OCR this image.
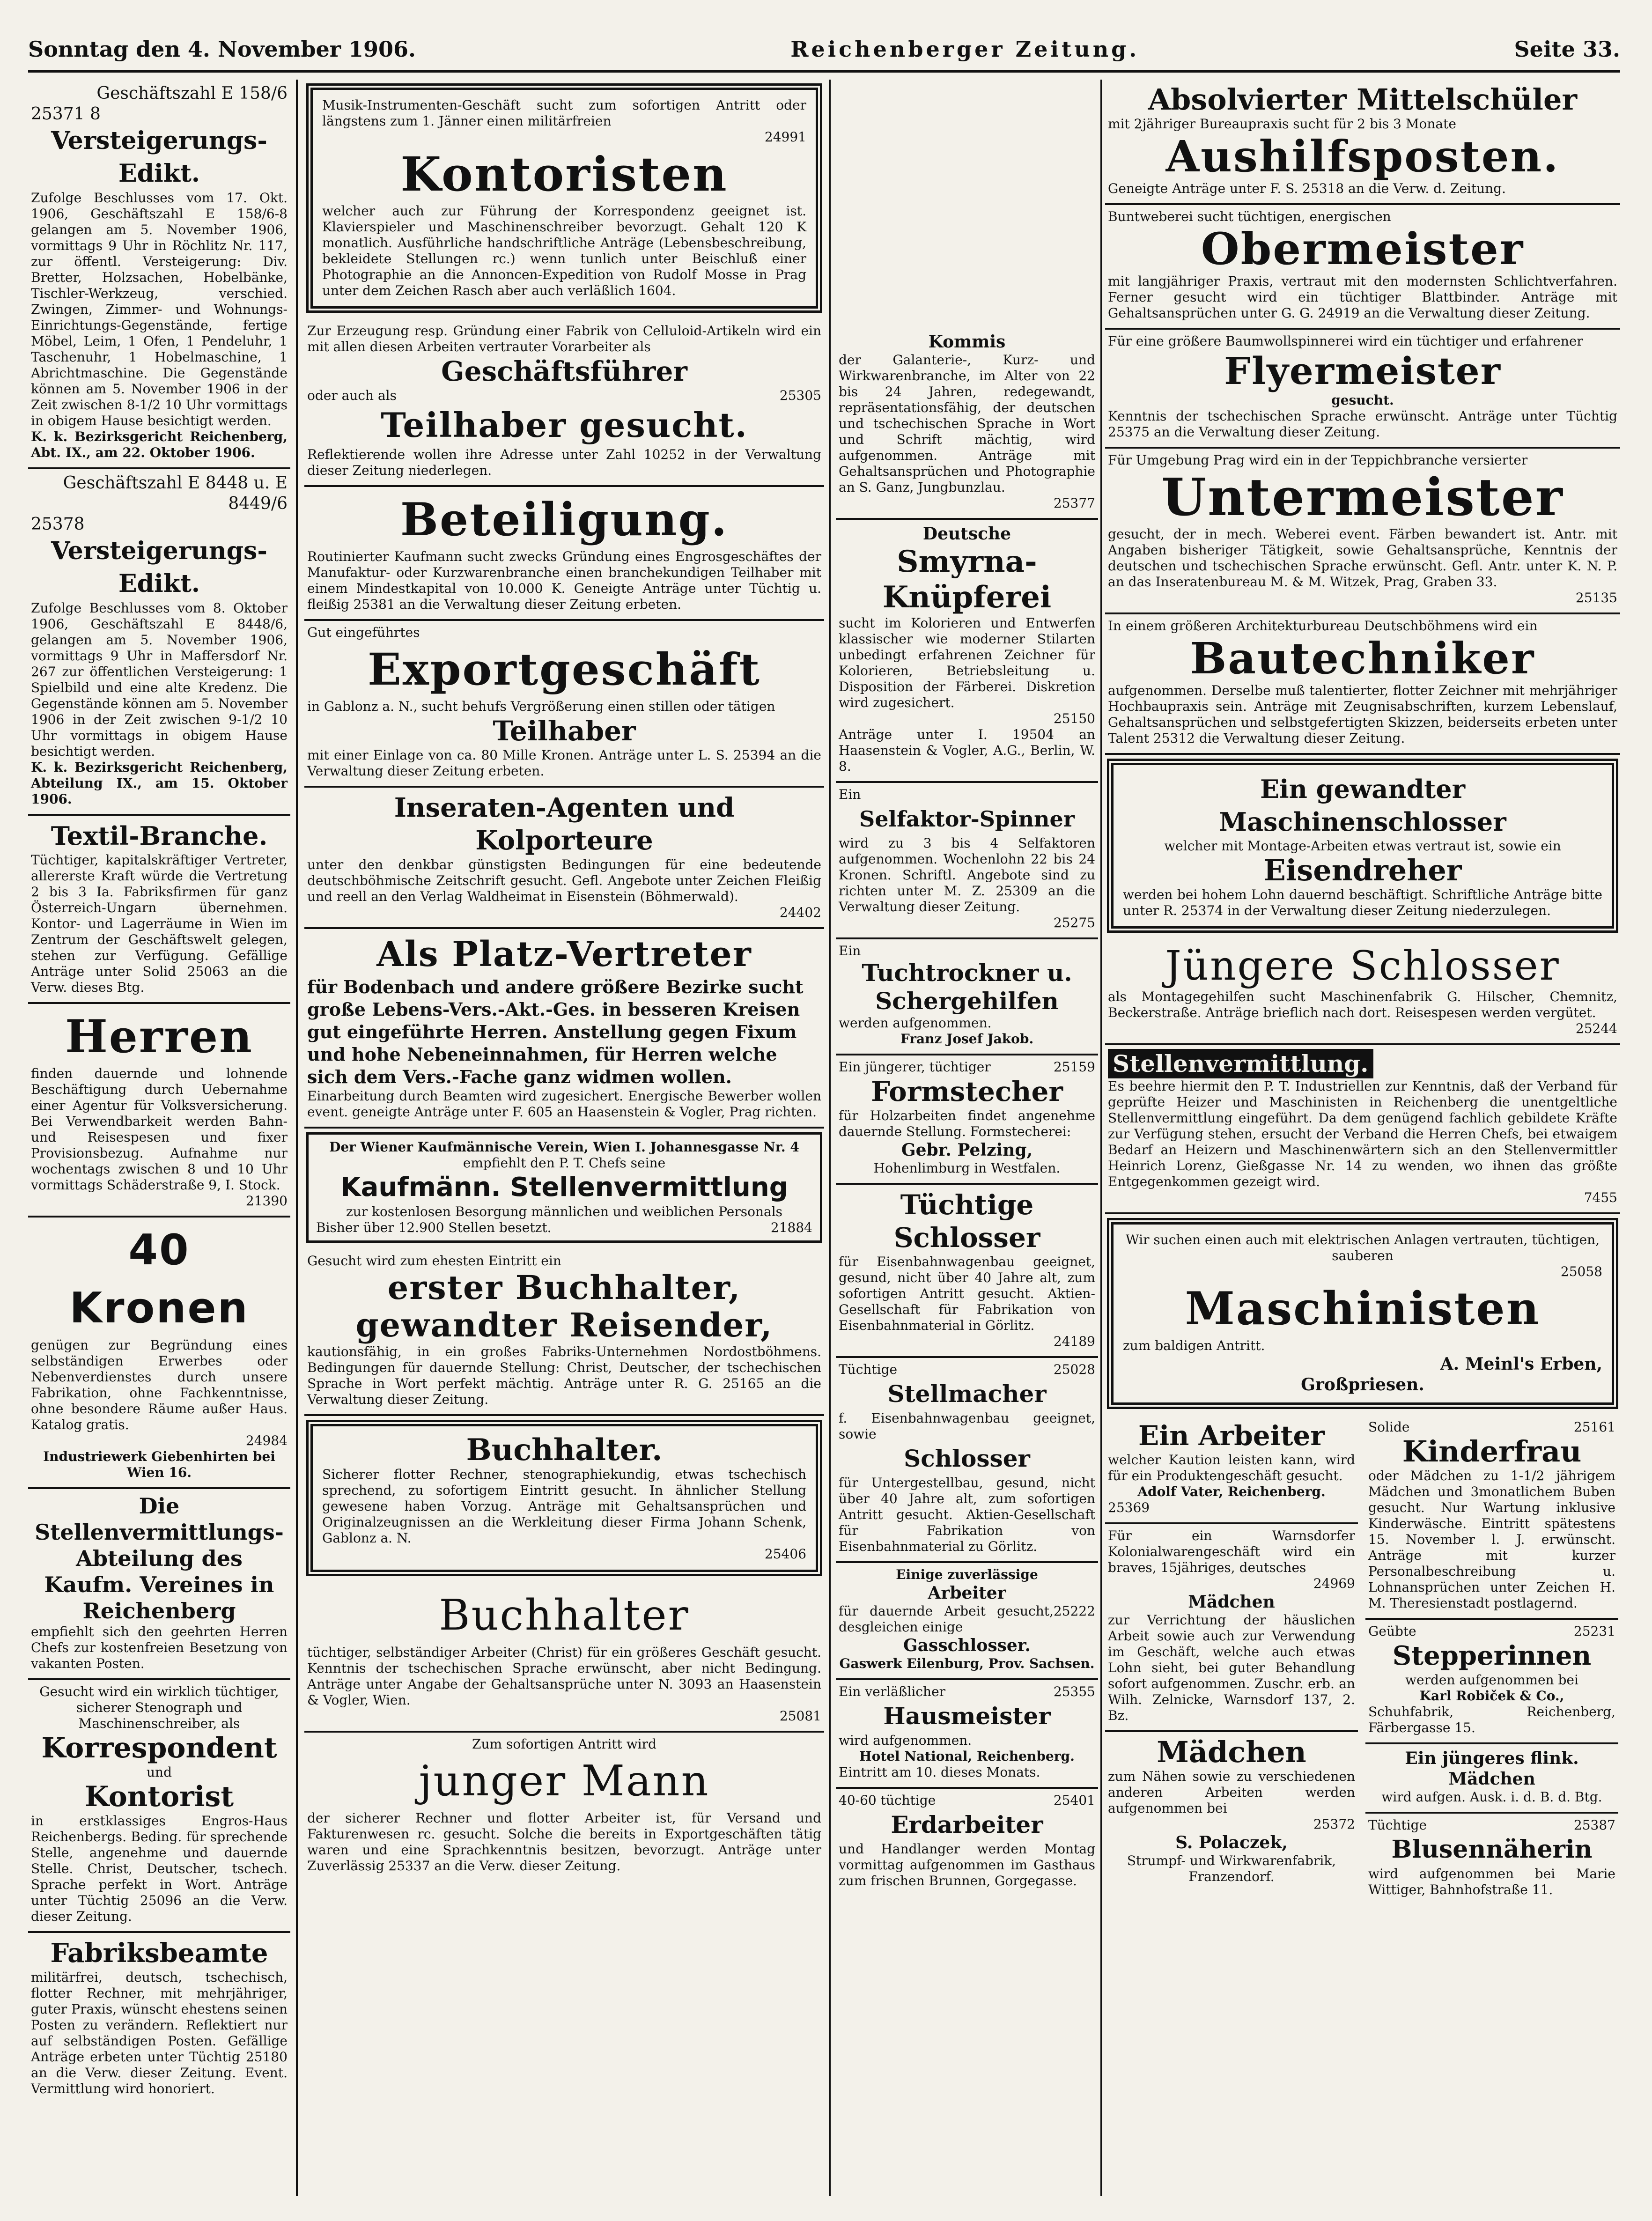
Sonntag den 4. November 1906.	Reichenberger Zeitung.	Seite 33.
Geschäftszahl E 158/6
25371 8
Versteigerungs-Edikt.
Zufolge Beschlusses vom 17. Okt. 1906, Geschäftszahl E 158/6-8 gelangen am 5. November 1906, vormittags 9 Uhr in Röchlitz Nr. 117, zur öffentl. Versteigerung: Div. Bretter, Holzsachen, Hobelbänke, Tischler-Werkzeug, verschied. Zwingen, Zimmer- und Wohnungs-Einrichtungs-Gegenstände, fertige Möbel, Leim, 1 Ofen, 1 Pendeluhr, 1 Taschenuhr, 1 Hobelmaschine, 1 Abrichtmaschine. Die Gegenstände können am 5. November 1906 in der Zeit zwischen 8-1/2 10 Uhr vormittags in obigem Hause besichtigt werden.
K. k. Bezirksgericht Reichenberg, Abt. IX., am 22. Oktober 1906.
Geschäftszahl E 8448 u. E 8449/6
25378
Versteigerungs-Edikt.
Zufolge Beschlusses vom 8. Oktober 1906, Geschäftszahl E 8448/6, gelangen am 5. November 1906, vormittags 9 Uhr in Maffersdorf Nr. 267 zur öffentlichen Versteigerung: 1 Spielbild und eine alte Kredenz. Die Gegenstände können am 5. November 1906 in der Zeit zwischen 9-1/2 10 Uhr vormittags in obigem Hause besichtigt werden.
K. k. Bezirksgericht Reichenberg, Abteilung IX., am 15. Oktober 1906.
Textil-Branche.
Tüchtiger, kapitalskräftiger Vertreter, allererste Kraft würde die Vertretung 2 bis 3 Ia. Fabriksfirmen für ganz Österreich-Ungarn übernehmen. Kontor- und Lagerräume in Wien im Zentrum der Geschäftswelt gelegen, stehen zur Verfügung. Gefällige Anträge unter Solid 25063 an die Verw. dieses Btg.
Herren
finden dauernde und lohnende Beschäftigung durch Uebernahme einer Agentur für Volksversicherung. Bei Verwendbarkeit werden Bahn- und Reisespesen und fixer Provisionsbezug. Aufnahme nur wochentags zwischen 8 und 10 Uhr vormittags Schäderstraße 9, I. Stock.
21390
40 Kronen
genügen zur Begründung eines selbständigen Erwerbes oder Nebenverdienstes durch unsere Fabrikation, ohne Fachkenntnisse, ohne besondere Räume außer Haus. Katalog gratis.
24984
Industriewerk Giebenhirten bei Wien 16.
Die Stellenvermittlungs-Abteilung des Kaufm. Vereines in Reichenberg
empfiehlt sich den geehrten Herren Chefs zur kostenfreien Besetzung von vakanten Posten.
Gesucht wird ein wirklich tüchtiger, sicherer Stenograph und Maschinenschreiber, als
Korrespondent
und
Kontorist
in erstklassiges Engros-Haus Reichenbergs. Beding. für sprechende Stelle, angenehme und dauernde Stelle. Christ, Deutscher, tschech. Sprache perfekt in Wort. Anträge unter Tüchtig 25096 an die Verw. dieser Zeitung.
Fabriksbeamte
militärfrei, deutsch, tschechisch, flotter Rechner, mit mehrjähriger, guter Praxis, wünscht ehestens seinen Posten zu verändern. Reflektiert nur auf selbständigen Posten. Gefällige Anträge erbeten unter Tüchtig 25180 an die Verw. dieser Zeitung. Event. Vermittlung wird honoriert.
Musik-Instrumenten-Geschäft sucht zum sofortigen Antritt oder längstens zum 1. Jänner einen militärfreien
24991
Kontoristen
welcher auch zur Führung der Korrespondenz geeignet ist. Klavierspieler und Maschinenschreiber bevorzugt. Gehalt 120 K monatlich. Ausführliche handschriftliche Anträge (Lebensbeschreibung, bekleidete Stellungen rc.) wenn tunlich unter Beischluß einer Photographie an die Annoncen-Expedition von Rudolf Mosse in Prag unter dem Zeichen Rasch aber auch verläßlich 1604.
Zur Erzeugung resp. Gründung einer Fabrik von Celluloid-Artikeln wird ein mit allen diesen Arbeiten vertrauter Vorarbeiter als
Geschäftsführer
oder auch als	25305
Teilhaber gesucht.
Reflektierende wollen ihre Adresse unter Zahl 10252 in der Verwaltung dieser Zeitung niederlegen.
Beteiligung.
Routinierter Kaufmann sucht zwecks Gründung eines Engrosgeschäftes der Manufaktur- oder Kurzwarenbranche einen branchekundigen Teilhaber mit einem Mindestkapital von 10.000 K. Geneigte Anträge unter Tüchtig u. fleißig 25381 an die Verwaltung dieser Zeitung erbeten.
Gut eingeführtes
Exportgeschäft
in Gablonz a. N., sucht behufs Vergrößerung einen stillen oder tätigen
Teilhaber
mit einer Einlage von ca. 80 Mille Kronen. Anträge unter L. S. 25394 an die Verwaltung dieser Zeitung erbeten.
Inseraten-Agenten und Kolporteure
unter den denkbar günstigsten Bedingungen für eine bedeutende deutschböhmische Zeitschrift gesucht. Gefl. Angebote unter Zeichen Fleißig und reell an den Verlag Waldheimat in Eisenstein (Böhmerwald).
24402
Als Platz-Vertreter
für Bodenbach und andere größere Bezirke sucht große Lebens-Vers.-Akt.-Ges. in besseren Kreisen gut eingeführte Herren. Anstellung gegen Fixum und hohe Nebeneinnahmen, für Herren welche sich dem Vers.-Fache ganz widmen wollen.
Einarbeitung durch Beamten wird zugesichert. Energische Bewerber wollen event. geneigte Anträge unter F. 605 an Haasenstein & Vogler, Prag richten.
Der Wiener Kaufmännische Verein, Wien I. Johannesgasse Nr. 4
empfiehlt den P. T. Chefs seine
Kaufmänn. Stellenvermittlung
zur kostenlosen Besorgung männlichen und weiblichen Personals
Bisher über 12.900 Stellen besetzt.	21884
Gesucht wird zum ehesten Eintritt ein
erster Buchhalter,
gewandter Reisender,
kautionsfähig, in ein großes Fabriks-Unternehmen Nordostböhmens. Bedingungen für dauernde Stellung: Christ, Deutscher, der tschechischen Sprache in Wort perfekt mächtig. Anträge unter R. G. 25165 an die Verwaltung dieser Zeitung.
Buchhalter.
Sicherer flotter Rechner, stenographiekundig, etwas tschechisch sprechend, zu sofortigem Eintritt gesucht. In ähnlicher Stellung gewesene haben Vorzug. Anträge mit Gehaltsansprüchen und Originalzeugnissen an die Werkleitung dieser Firma Johann Schenk, Gablonz a. N.
25406
Buchhalter
tüchtiger, selbständiger Arbeiter (Christ) für ein größeres Geschäft gesucht. Kenntnis der tschechischen Sprache erwünscht, aber nicht Bedingung. Anträge unter Angabe der Gehaltsansprüche unter N. 3093 an Haasenstein & Vogler, Wien.
25081
Zum sofortigen Antritt wird
junger Mann
der sicherer Rechner und flotter Arbeiter ist, für Versand und Fakturenwesen rc. gesucht. Solche die bereits in Exportgeschäften tätig waren und eine Sprachkenntnis besitzen, bevorzugt. Anträge unter Zuverlässig 25337 an die Verw. dieser Zeitung.
Kommis
der Galanterie-, Kurz- und Wirkwarenbranche, im Alter von 22 bis 24 Jahren, redegewandt, repräsentationsfähig, der deutschen und tschechischen Sprache in Wort und Schrift mächtig, wird aufgenommen. Anträge mit Gehaltsansprüchen und Photographie an S. Ganz, Jungbunzlau.
25377
Deutsche
Smyrna-Knüpferei
sucht im Kolorieren und Entwerfen klassischer wie moderner Stilarten unbedingt erfahrenen Zeichner für Kolorieren, Betriebsleitung u. Disposition der Färberei. Diskretion wird zugesichert.
25150
Anträge unter I. 19504 an Haasenstein & Vogler, A.G., Berlin, W. 8.
Ein
Selfaktor-Spinner
wird zu 3 bis 4 Selfaktoren aufgenommen. Wochenlohn 22 bis 24 Kronen. Schriftl. Angebote sind zu richten unter M. Z. 25309 an die Verwaltung dieser Zeitung.
25275
Ein
Tuchtrockner u. Schergehilfen
werden aufgenommen.
Franz Josef Jakob.
Ein jüngerer, tüchtiger	25159
Formstecher
für Holzarbeiten findet angenehme dauernde Stellung. Formstecherei:
Gebr. Pelzing,
Hohenlimburg in Westfalen.
Tüchtige Schlosser
für Eisenbahnwagenbau geeignet, gesund, nicht über 40 Jahre alt, zum sofortigen Antritt gesucht. Aktien-Gesellschaft für Fabrikation von Eisenbahnmaterial in Görlitz.
24189
Tüchtige	25028
Stellmacher
f. Eisenbahnwagenbau geeignet, sowie
Schlosser
für Untergestellbau, gesund, nicht über 40 Jahre alt, zum sofortigen Antritt gesucht. Aktien-Gesellschaft für Fabrikation von Eisenbahnmaterial zu Görlitz.
Einige zuverlässige
Arbeiter
für dauernde Arbeit gesucht, desgleichen einige
25222
Gasschlosser.
Gaswerk Eilenburg, Prov. Sachsen.
Ein verläßlicher	25355
Hausmeister
wird aufgenommen.
Hotel National, Reichenberg.
Eintritt am 10. dieses Monats.
40-60 tüchtige	25401
Erdarbeiter
und Handlanger werden Montag vormittag aufgenommen im Gasthaus zum frischen Brunnen, Gorgegasse.
Absolvierter Mittelschüler
mit 2jähriger Bureaupraxis sucht für 2 bis 3 Monate
Aushilfsposten.
Geneigte Anträge unter F. S. 25318 an die Verw. d. Zeitung.
Buntweberei sucht tüchtigen, energischen
Obermeister
mit langjähriger Praxis, vertraut mit den modernsten Schlichtverfahren. Ferner gesucht wird ein tüchtiger Blattbinder. Anträge mit Gehaltsansprüchen unter G. G. 24919 an die Verwaltung dieser Zeitung.
Für eine größere Baumwollspinnerei wird ein tüchtiger und erfahrener
Flyermeister
gesucht.
Kenntnis der tschechischen Sprache erwünscht. Anträge unter Tüchtig 25375 an die Verwaltung dieser Zeitung.
Für Umgebung Prag wird ein in der Teppichbranche versierter
Untermeister
gesucht, der in mech. Weberei event. Färben bewandert ist. Antr. mit Angaben bisheriger Tätigkeit, sowie Gehaltsansprüche, Kenntnis der deutschen und tschechischen Sprache erwünscht. Gefl. Antr. unter K. N. P. an das Inseratenbureau M. & M. Witzek, Prag, Graben 33.
25135
In einem größeren Architekturbureau Deutschböhmens wird ein
Bautechniker
aufgenommen. Derselbe muß talentierter, flotter Zeichner mit mehrjähriger Hochbaupraxis sein. Anträge mit Zeugnisabschriften, kurzem Lebenslauf, Gehaltsansprüchen und selbstgefertigten Skizzen, beiderseits erbeten unter Talent 25312 die Verwaltung dieser Zeitung.
Ein gewandter Maschinenschlosser
welcher mit Montage-Arbeiten etwas vertraut ist, sowie ein
Eisendreher
werden bei hohem Lohn dauernd beschäftigt. Schriftliche Anträge bitte unter R. 25374 in der Verwaltung dieser Zeitung niederzulegen.
Jüngere Schlosser
als Montagegehilfen sucht Maschinenfabrik G. Hilscher, Chemnitz, Beckerstraße. Anträge brieflich nach dort. Reisespesen werden vergütet.
25244
Stellenvermittlung.
Es beehre hiermit den P. T. Industriellen zur Kenntnis, daß der Verband für geprüfte Heizer und Maschinisten in Reichenberg die unentgeltliche Stellenvermittlung eingeführt. Da dem genügend fachlich gebildete Kräfte zur Verfügung stehen, ersucht der Verband die Herren Chefs, bei etwaigem Bedarf an Heizern und Maschinenwärtern sich an den Stellenvermittler Heinrich Lorenz, Gießgasse Nr. 14 zu wenden, wo ihnen das größte Entgegenkommen gezeigt wird.
7455
Wir suchen einen auch mit elektrischen Anlagen vertrauten, tüchtigen, sauberen
25058
Maschinisten
zum baldigen Antritt.
A. Meinl's Erben,
Großpriesen.
Ein Arbeiter
welcher Kaution leisten kann, wird für ein Produktengeschäft gesucht.
Adolf Vater, Reichenberg.
25369
Für ein Warnsdorfer Kolonialwarengeschäft wird ein braves, 15jähriges, deutsches
24969
Mädchen
zur Verrichtung der häuslichen Arbeit sowie auch zur Verwendung im Geschäft, welche auch etwas Lohn sieht, bei guter Behandlung sofort aufgenommen. Zuschr. erb. an Wilh. Zelnicke, Warnsdorf 137, 2. Bz.
Mädchen
zum Nähen sowie zu verschiedenen anderen Arbeiten werden aufgenommen bei
25372
S. Polaczek,
Strumpf- und Wirkwarenfabrik, Franzendorf.
Solide	25161
Kinderfrau
oder Mädchen zu 1-1/2 jährigem Mädchen und 3monatlichem Buben gesucht. Nur Wartung inklusive Kinderwäsche. Eintritt spätestens 15. November l. J. erwünscht. Anträge mit kurzer Personalbeschreibung u. Lohnansprüchen unter Zeichen H. M. Theresienstadt postlagernd.
Geübte	25231
Stepperinnen
werden aufgenommen bei
Karl Robiček & Co.,
Schuhfabrik, Reichenberg, Färbergasse 15.
Ein jüngeres flink. Mädchen
wird aufgen. Ausk. i. d. B. d. Btg.
Tüchtige	25387
Blusennäherin
wird aufgenommen bei Marie Wittiger, Bahnhofstraße 11.
